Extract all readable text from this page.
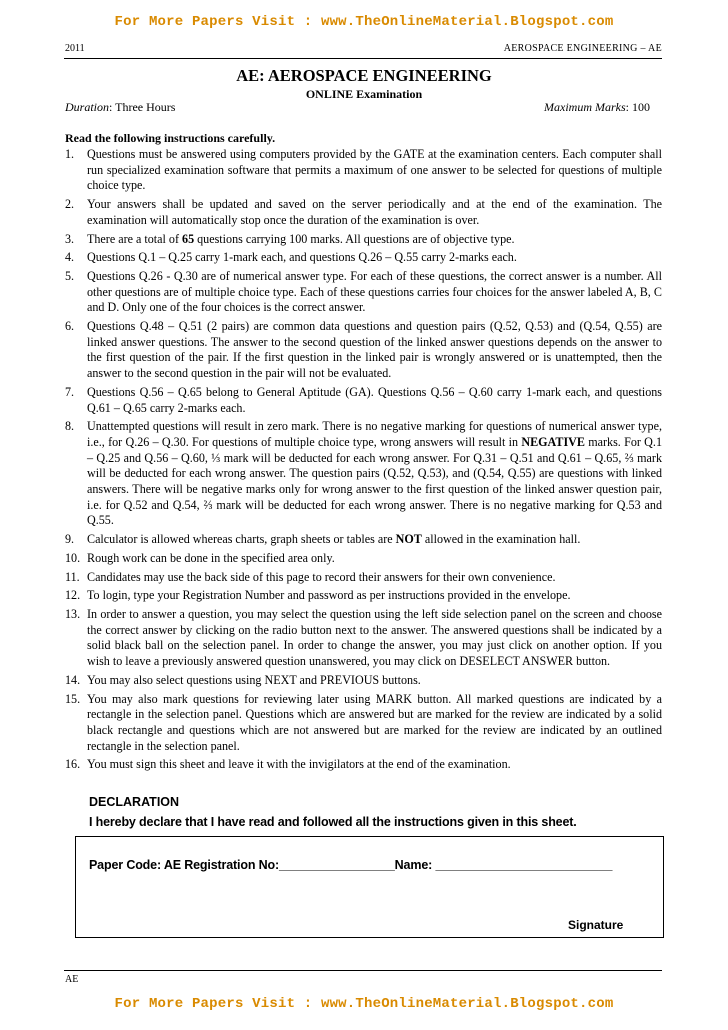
For More Papers Visit : www.TheOnlineMaterial.Blogspot.com
2011	AEROSPACE ENGINEERING – AE
AE: AEROSPACE ENGINEERING
ONLINE Examination
Duration: Three Hours	Maximum Marks: 100
Read the following instructions carefully.
1. Questions must be answered using computers provided by the GATE at the examination centers. Each computer shall run specialized examination software that permits a maximum of one answer to be selected for questions of multiple choice type.
2. Your answers shall be updated and saved on the server periodically and at the end of the examination. The examination will automatically stop once the duration of the examination is over.
3. There are a total of 65 questions carrying 100 marks. All questions are of objective type.
4. Questions Q.1 – Q.25 carry 1-mark each, and questions Q.26 – Q.55 carry 2-marks each.
5. Questions Q.26 - Q.30 are of numerical answer type. For each of these questions, the correct answer is a number. All other questions are of multiple choice type. Each of these questions carries four choices for the answer labeled A, B, C and D. Only one of the four choices is the correct answer.
6. Questions Q.48 – Q.51 (2 pairs) are common data questions and question pairs (Q.52, Q.53) and (Q.54, Q.55) are linked answer questions. The answer to the second question of the linked answer questions depends on the answer to the first question of the pair. If the first question in the linked pair is wrongly answered or is unattempted, then the answer to the second question in the pair will not be evaluated.
7. Questions Q.56 – Q.65 belong to General Aptitude (GA). Questions Q.56 – Q.60 carry 1-mark each, and questions Q.61 – Q.65 carry 2-marks each.
8. Unattempted questions will result in zero mark. There is no negative marking for questions of numerical answer type, i.e., for Q.26 – Q.30. For questions of multiple choice type, wrong answers will result in NEGATIVE marks. For Q.1 – Q.25 and Q.56 – Q.60, ⅓ mark will be deducted for each wrong answer. For Q.31 – Q.51 and Q.61 – Q.65, ⅔ mark will be deducted for each wrong answer. The question pairs (Q.52, Q.53), and (Q.54, Q.55) are questions with linked answers. There will be negative marks only for wrong answer to the first question of the linked answer question pair, i.e. for Q.52 and Q.54, ⅔ mark will be deducted for each wrong answer. There is no negative marking for Q.53 and Q.55.
9. Calculator is allowed whereas charts, graph sheets or tables are NOT allowed in the examination hall.
10. Rough work can be done in the specified area only.
11. Candidates may use the back side of this page to record their answers for their own convenience.
12. To login, type your Registration Number and password as per instructions provided in the envelope.
13. In order to answer a question, you may select the question using the left side selection panel on the screen and choose the correct answer by clicking on the radio button next to the answer. The answered questions shall be indicated by a solid black ball on the selection panel. In order to change the answer, you may just click on another option. If you wish to leave a previously answered question unanswered, you may click on DESELECT ANSWER button.
14. You may also select questions using NEXT and PREVIOUS buttons.
15. You may also mark questions for reviewing later using MARK button. All marked questions are indicated by a rectangle in the selection panel. Questions which are answered but are marked for the review are indicated by a solid black rectangle and questions which are not answered but are marked for the review are indicated by an outlined rectangle in the selection panel.
16. You must sign this sheet and leave it with the invigilators at the end of the examination.
DECLARATION
I hereby declare that I have read and followed all the instructions given in this sheet.
Paper Code: AE Registration No:_________________Name: __________________________
Signature
AE
For More Papers Visit : www.TheOnlineMaterial.Blogspot.com
